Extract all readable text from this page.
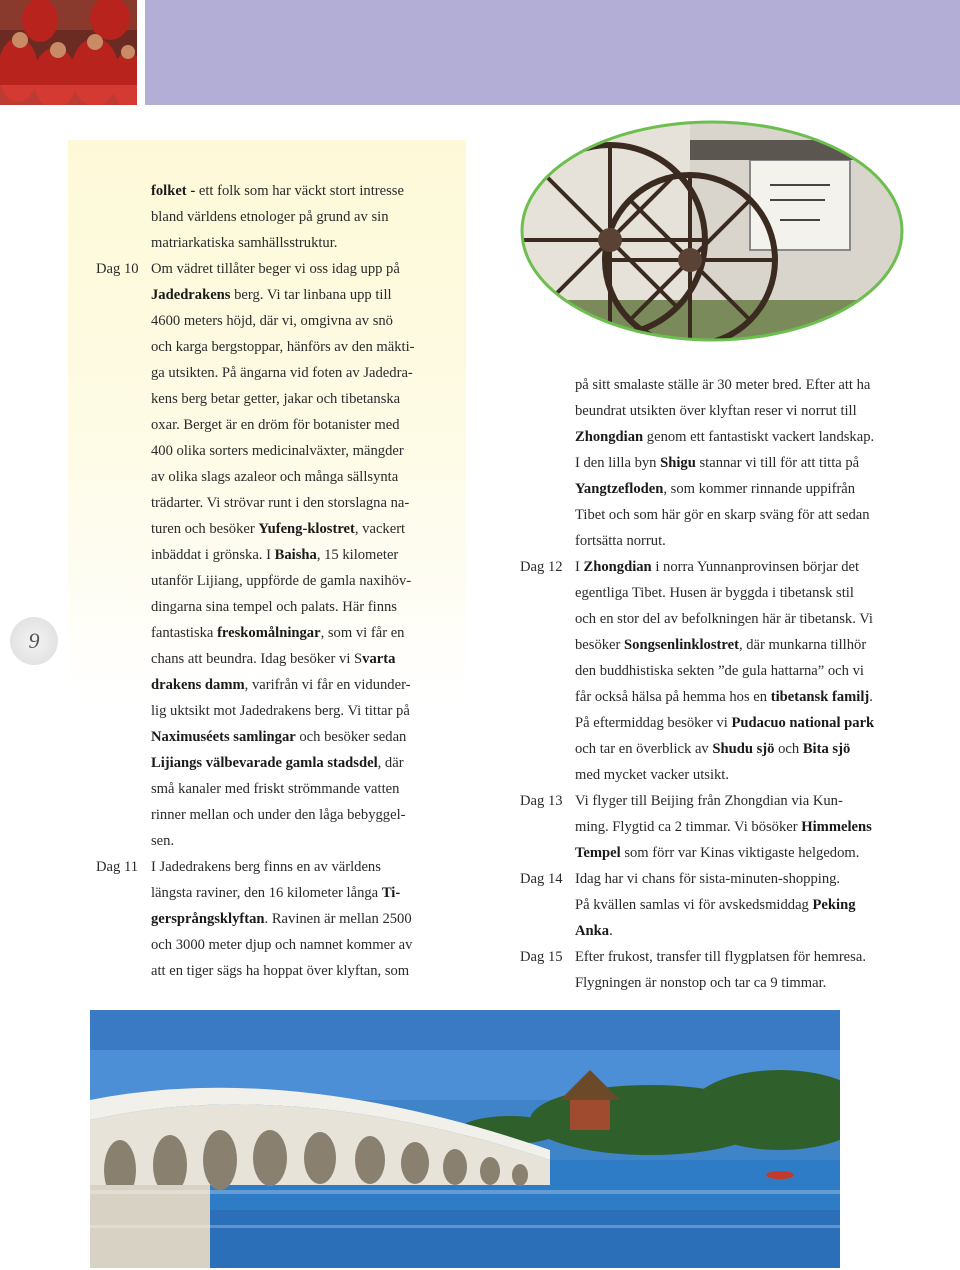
9
folket - ett folk som har väckt stort intresse
bland världens etnologer på grund av sin
matriarkatiska samhällsstruktur.
Dag 10 Om vädret tillåter beger vi oss idag upp på
Jadedrakens berg. Vi tar linbana upp till
4600 meters höjd, där vi, omgivna av snö
och karga bergstoppar, hänförs av den mäkti-
ga utsikten. På ängarna vid foten av Jadedra-
kens berg betar getter, jakar och tibetanska
oxar. Berget är en dröm för botanister med
400 olika sorters medicinalväxter, mängder
av olika slags azaleor och många sällsynta
trädarter. Vi strövar runt i den storslagna na-
turen och besöker Yufeng-klostret, vackert
inbäddat i grönska. I Baisha, 15 kilometer
utanför Lijiang, uppförde de gamla naxihöv-
dingarna sina tempel och palats. Här finns
fantastiska freskomålningar, som vi får en
chans att beundra. Idag besöker vi Svarta
drakens damm, varifrån vi får en vidunder-
lig uktsikt mot Jadedrakens berg. Vi tittar på
Naximuséets samlingar och besöker sedan
Lijiangs välbevarade gamla stadsdel, där
små kanaler med friskt strömmande vatten
rinner mellan och under den låga bebyggel-
sen.
Dag 11 I Jadedrakens berg finns en av världens
längsta raviner, den 16 kilometer långa Ti-
gersprångsklyftan. Ravinen är mellan 2500
och 3000 meter djup och namnet kommer av
att en tiger sägs ha hoppat över klyftan, som
på sitt smalaste ställe är 30 meter bred. Efter att ha
beundrat utsikten över klyftan reser vi norrut till
Zhongdian genom ett fantastiskt vackert landskap.
I den lilla byn Shigu stannar vi till för att titta på
Yangtzefloden, som kommer rinnande uppifrån
Tibet och som här gör en skarp sväng för att sedan
fortsätta norrut.
Dag 12 I Zhongdian i norra Yunnanprovinsen börjar det
egentliga Tibet. Husen är byggda i tibetansk stil
och en stor del av befolkningen här är tibetansk. Vi
besöker Songsenlinklostret, där munkarna tillhör
den buddhistiska sekten ”de gula hattarna” och vi
får också hälsa på hemma hos en tibetansk familj.
På eftermiddag besöker vi Pudacuo national park
och tar en överblick av Shudu sjö och Bita sjö
med mycket vacker utsikt.
Dag 13 Vi flyger till Beijing från Zhongdian via Kun-
ming. Flygtid ca 2 timmar. Vi bösöker Himmelens
Tempel som förr var Kinas viktigaste helgedom.
Dag 14 Idag har vi chans för sista-minuten-shopping.
På kvällen samlas vi för avskedsmiddag Peking
Anka.
Dag 15 Efter frukost, transfer till flygplatsen för hemresa.
Flygningen är nonstop och tar ca 9 timmar.
